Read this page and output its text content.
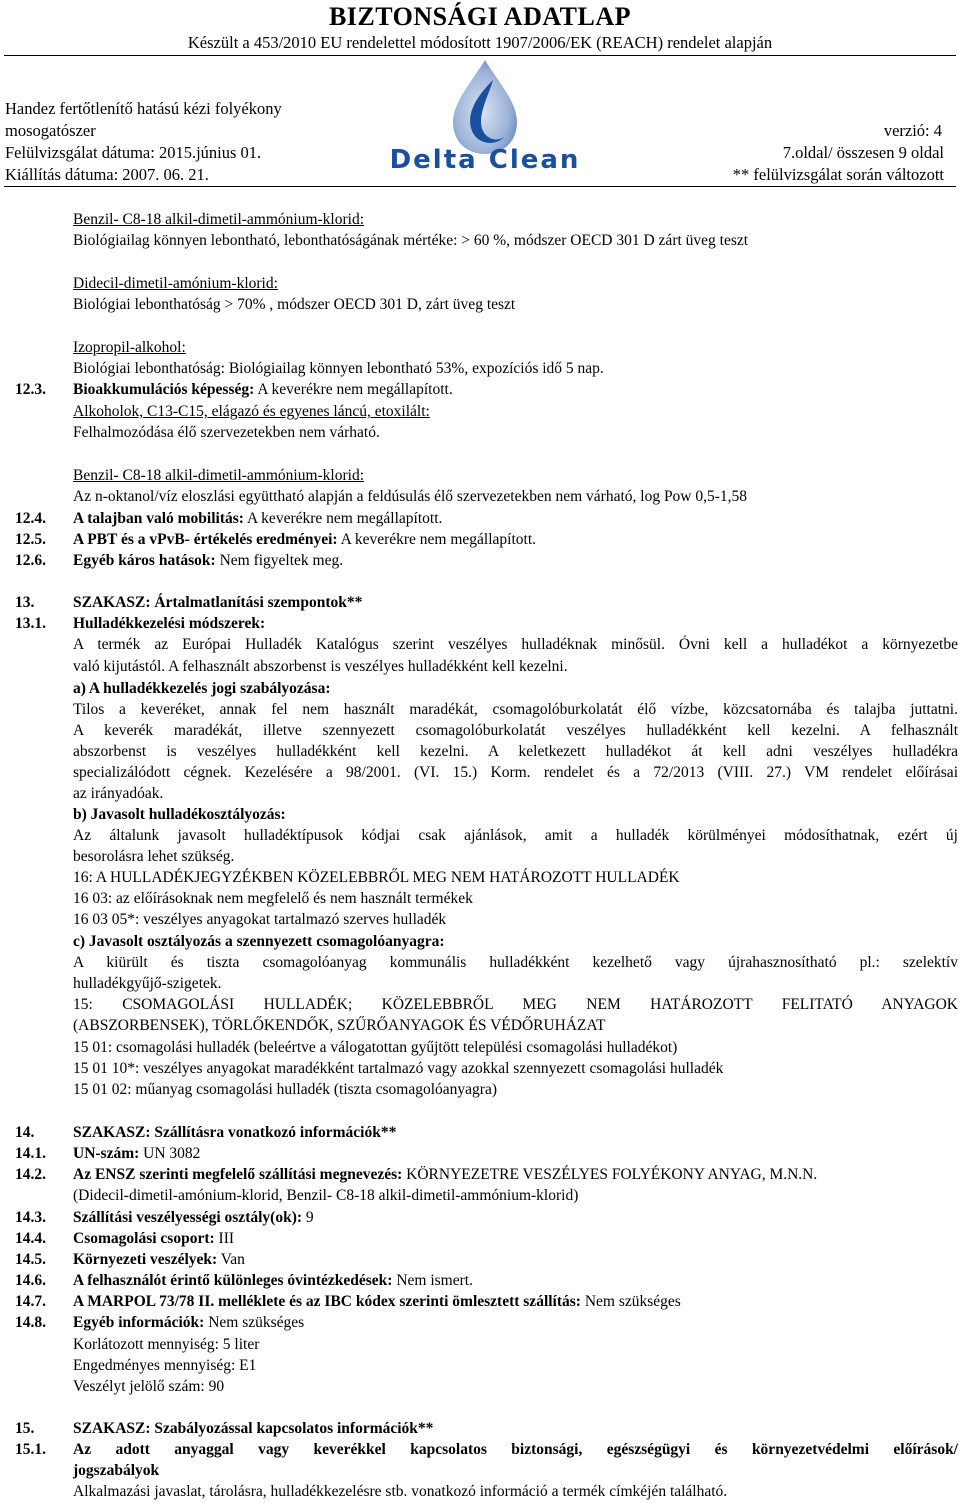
BIZTONSÁGI ADATLAP
Készült a 453/2010 EU rendelettel módosított 1907/2006/EK (REACH) rendelet alapján
Handez fertőtlenítő hatású kézi folyékony
mosogatószer
Felülvizsgálat dátuma: 2015.június 01.
Kiállítás dátuma: 2007. 06. 21.
verzió: 4
7.oldal/ összesen 9 oldal
** felülvizsgálat során változott
Delta Clean
Benzil- C8-18 alkil-dimetil-ammónium-klorid:
Biológiailag könnyen lebontható, lebonthatóságának mértéke: > 60 %, módszer OECD 301 D zárt üveg teszt
Didecil-dimetil-amónium-klorid:
Biológiai lebonthatóság > 70% , módszer OECD 301 D, zárt üveg teszt
Izopropil-alkohol:
Biológiai lebonthatóság: Biológiailag könnyen lebontható 53%, expozíciós idő 5 nap.
12.3. Bioakkumulációs képesség: A keverékre nem megállapított.
Alkoholok, C13-C15, elágazó és egyenes láncú, etoxilált:
Felhalmozódása élő szervezetekben nem várható.
Benzil- C8-18 alkil-dimetil-ammónium-klorid:
Az n-oktanol/víz eloszlási együttható alapján a feldúsulás élő szervezetekben nem várható, log Pow 0,5-1,58
12.4. A talajban való mobilitás: A keverékre nem megállapított.
12.5. A PBT és a vPvB- értékelés eredményei: A keverékre nem megállapított.
12.6. Egyéb káros hatások: Nem figyeltek meg.
13. SZAKASZ: Ártalmatlanítási szempontok**
13.1. Hulladékkezelési módszerek:
A termék az Európai Hulladék Katalógus szerint veszélyes hulladéknak minősül. Óvni kell a hulladékot a környezetbe
való kijutástól. A felhasznált abszorbenst is veszélyes hulladékként kell kezelni.
a) A hulladékkezelés jogi szabályozása:
Tilos a keveréket, annak fel nem használt maradékát, csomagolóburkolatát élő vízbe, közcsatornába és talajba juttatni.
A keverék maradékát, illetve szennyezett csomagolóburkolatát veszélyes hulladékként kell kezelni. A felhasznált
abszorbenst is veszélyes hulladékként kell kezelni. A keletkezett hulladékot át kell adni veszélyes hulladékra
specializálódott cégnek. Kezelésére a 98/2001. (VI. 15.) Korm. rendelet és a 72/2013 (VIII. 27.) VM rendelet előírásai
az irányadóak.
b) Javasolt hulladékosztályozás:
Az általunk javasolt hulladéktípusok kódjai csak ajánlások, amit a hulladék körülményei módosíthatnak, ezért új
besorolásra lehet szükség.
16: A HULLADÉKJEGYZÉKBEN KÖZELEBBRŐL MEG NEM HATÁROZOTT HULLADÉK
16 03: az előírásoknak nem megfelelő és nem használt termékek
16 03 05*: veszélyes anyagokat tartalmazó szerves hulladék
c) Javasolt osztályozás a szennyezett csomagolóanyagra:
A kiürült és tiszta csomagolóanyag kommunális hulladékként kezelhető vagy újrahasznosítható pl.: szelektív
hulladékgyűjő-szigetek.
15: CSOMAGOLÁSI HULLADÉK; KÖZELEBBRŐL MEG NEM HATÁROZOTT FELITATÓ ANYAGOK
(ABSZORBENSEK), TÖRLŐKENDŐK, SZŰRŐANYAGOK ÉS VÉDŐRUHÁZAT
15 01: csomagolási hulladék (beleértve a válogatottan gyűjtött települési csomagolási hulladékot)
15 01 10*: veszélyes anyagokat maradékként tartalmazó vagy azokkal szennyezett csomagolási hulladék
15 01 02: műanyag csomagolási hulladék (tiszta csomagolóanyagra)
14. SZAKASZ: Szállításra vonatkozó információk**
14.1. UN-szám: UN 3082
14.2. Az ENSZ szerinti megfelelő szállítási megnevezés: KÖRNYEZETRE VESZÉLYES FOLYÉKONY ANYAG, M.N.N.
(Didecil-dimetil-amónium-klorid, Benzil- C8-18 alkil-dimetil-ammónium-klorid)
14.3. Szállítási veszélyességi osztály(ok): 9
14.4. Csomagolási csoport: III
14.5. Környezeti veszélyek: Van
14.6. A felhasználót érintő különleges óvintézkedések: Nem ismert.
14.7. A MARPOL 73/78 II. melléklete és az IBC kódex szerinti ömlesztett szállítás: Nem szükséges
14.8. Egyéb információk: Nem szükséges
Korlátozott mennyiség: 5 liter
Engedményes mennyiség: E1
Veszélyt jelölő szám: 90
15. SZAKASZ: Szabályozással kapcsolatos információk**
15.1. Az adott anyaggal vagy keverékkel kapcsolatos biztonsági, egészségügyi és környezetvédelmi előírások/
jogszabályok
Alkalmazási javaslat, tárolásra, hulladékkezelésre stb. vonatkozó információ a termék címkéjén található.
